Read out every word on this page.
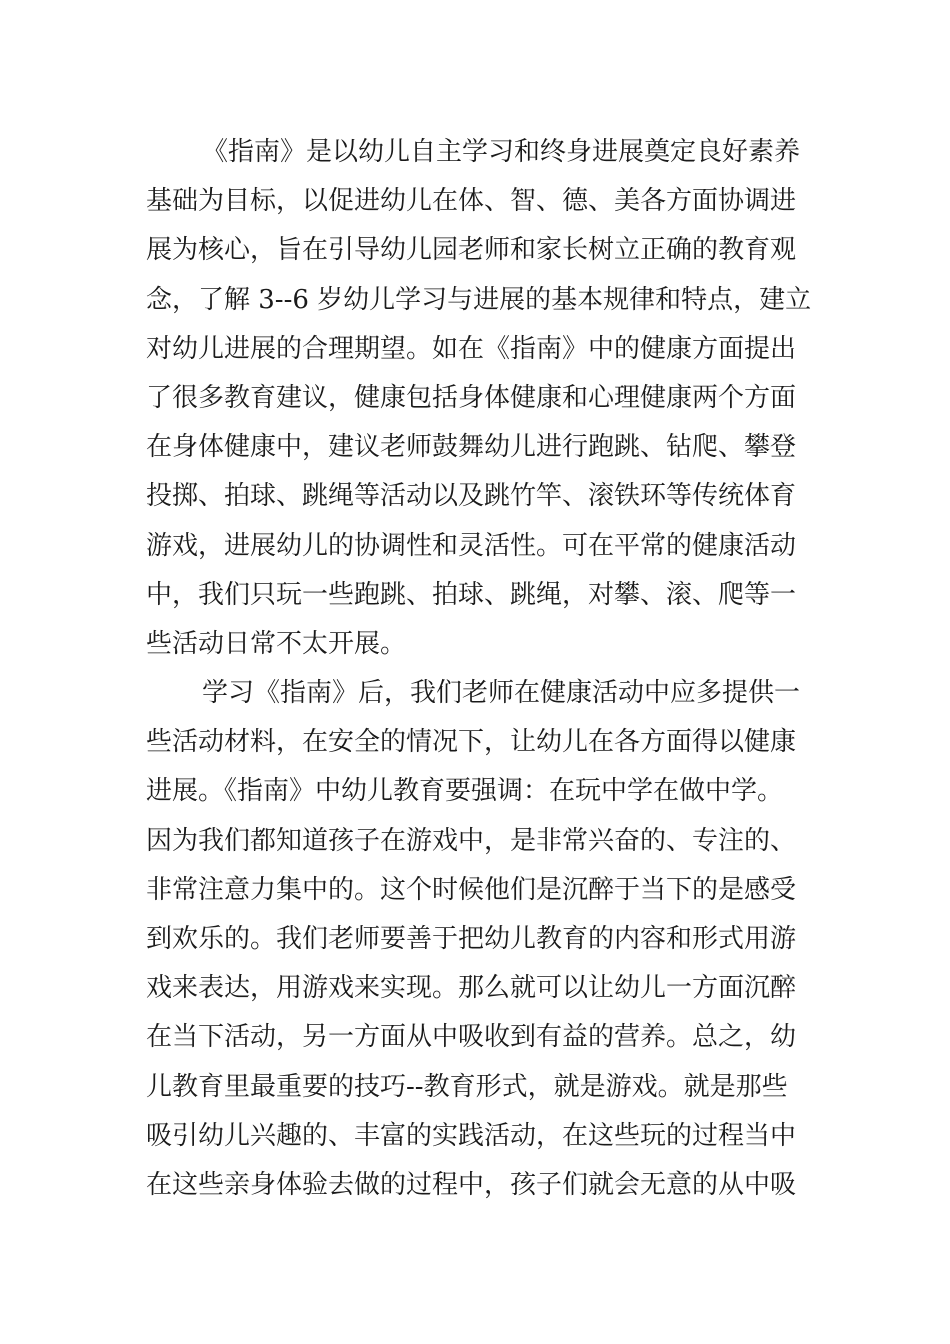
《指南》是以幼儿自主学习和终身进展奠定良好素养
基础为目标，以促进幼儿在体、智、德、美各方面协调进
展为核心，旨在引导幼儿园老师和家长树立正确的教育观
念，了解 3--6 岁幼儿学习与进展的基本规律和特点，建立
对幼儿进展的合理期望。如在《指南》中的健康方面提出
了很多教育建议，健康包括身体健康和心理健康两个方面
在身体健康中，建议老师鼓舞幼儿进行跑跳、钻爬、攀登
投掷、拍球、跳绳等活动以及跳竹竿、滚铁环等传统体育
游戏，进展幼儿的协调性和灵活性。可在平常的健康活动
中，我们只玩一些跑跳、拍球、跳绳，对攀、滚、爬等一
些活动日常不太开展。
学习《指南》后，我们老师在健康活动中应多提供一
些活动材料，在安全的情况下，让幼儿在各方面得以健康
进展。《指南》中幼儿教育要强调：在玩中学在做中学。
因为我们都知道孩子在游戏中，是非常兴奋的、专注的、
非常注意力集中的。这个时候他们是沉醉于当下的是感受
到欢乐的。我们老师要善于把幼儿教育的内容和形式用游
戏来表达，用游戏来实现。那么就可以让幼儿一方面沉醉
在当下活动，另一方面从中吸收到有益的营养。总之，幼
儿教育里最重要的技巧--教育形式，就是游戏。就是那些
吸引幼儿兴趣的、丰富的实践活动，在这些玩的过程当中
在这些亲身体验去做的过程中，孩子们就会无意的从中吸
